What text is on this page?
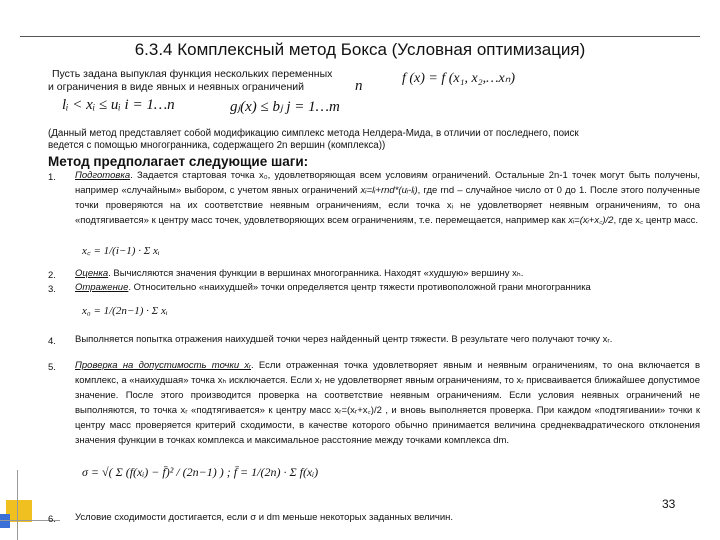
6.3.4 Комплексный метод Бокса (Условная оптимизация)
Пусть задана выпуклая функция нескольких переменных
и ограничения в виде явных и неявных ограничений	n	f (x) = f (x₁, x₂,…xₙ)
lᵢ < xᵢ ≤ uᵢ i = 1…n	gⱼ(x) ≤ bⱼ j = 1…m
(Данный метод представляет собой модификацию симплекс метода Нелдера-Мида, в отличии от последнего, поиск
ведется с помощью многогранника, содержащего 2n вершин (комплекса))
Метод предполагает следующие шаги:
1. Подготовка. Задается стартовая точка x₀, удовлетворяющая всем условиям ограничений. Остальные 2n-1 точек могут быть получены, например «случайным» выбором, с учетом явных ограничений xᵢ=lᵢ+rnd*(uᵢ-lᵢ), где rnd – случайное число от 0 до 1. После этого полученные точки проверяются на их соответствие неявным ограничениям, если точка xᵢ не удовлетворяет неявным ограничениям, то она «подтягивается» к центру масс точек, удовлетворяющих всем ограничениям, т.е. перемещается, например как xᵢ=(xᵢ+x꜀)/2, где x꜀ центр масс.
x꜀ = 1/(i−1) · Σ xᵢ
2. Оценка. Вычисляются значения функции в вершинах многогранника. Находят «худшую» вершину xₕ.
3. Отражение. Относительно «наихудшей» точки определяется центр тяжести противоположной грани многогранника
x₀ = 1/(2n−1) · Σ xᵢ
4. Выполняется попытка отражения наихудшей точки через найденный центр тяжести. В результате чего получают точку xᵣ.
5. Проверка на допустимость точки xᵣ. Если отраженная точка удовлетворяет явным и неявным ограничениям, то она включается в комплекс, а «наихудшая» точка xₕ исключается. Если xᵣ не удовлетворяет явным ограничениям, то xᵣ присваивается ближайшее допустимое значение. После этого производится проверка на соответствие неявным ограничениям. Если условия неявных ограничений не выполняются, то точка xᵣ «подтягивается» к центру масс xᵣ=(xᵣ+x꜀)/2 , и вновь выполняется проверка. При каждом «подтягивании» точки к центру масс проверяется критерий сходимости, в качестве которого обычно принимается величина среднеквадратического отклонения значения функции в точках комплекса и максимальное расстояние между точками комплекса dm.
σ = √( Σ (f(xᵢ) − f̄)² / (2n−1) ) ; f̄ = 1/(2n) · Σ f(xᵢ)
33
6. Условие сходимости достигается, если σ и dm меньше некоторых заданных величин.
